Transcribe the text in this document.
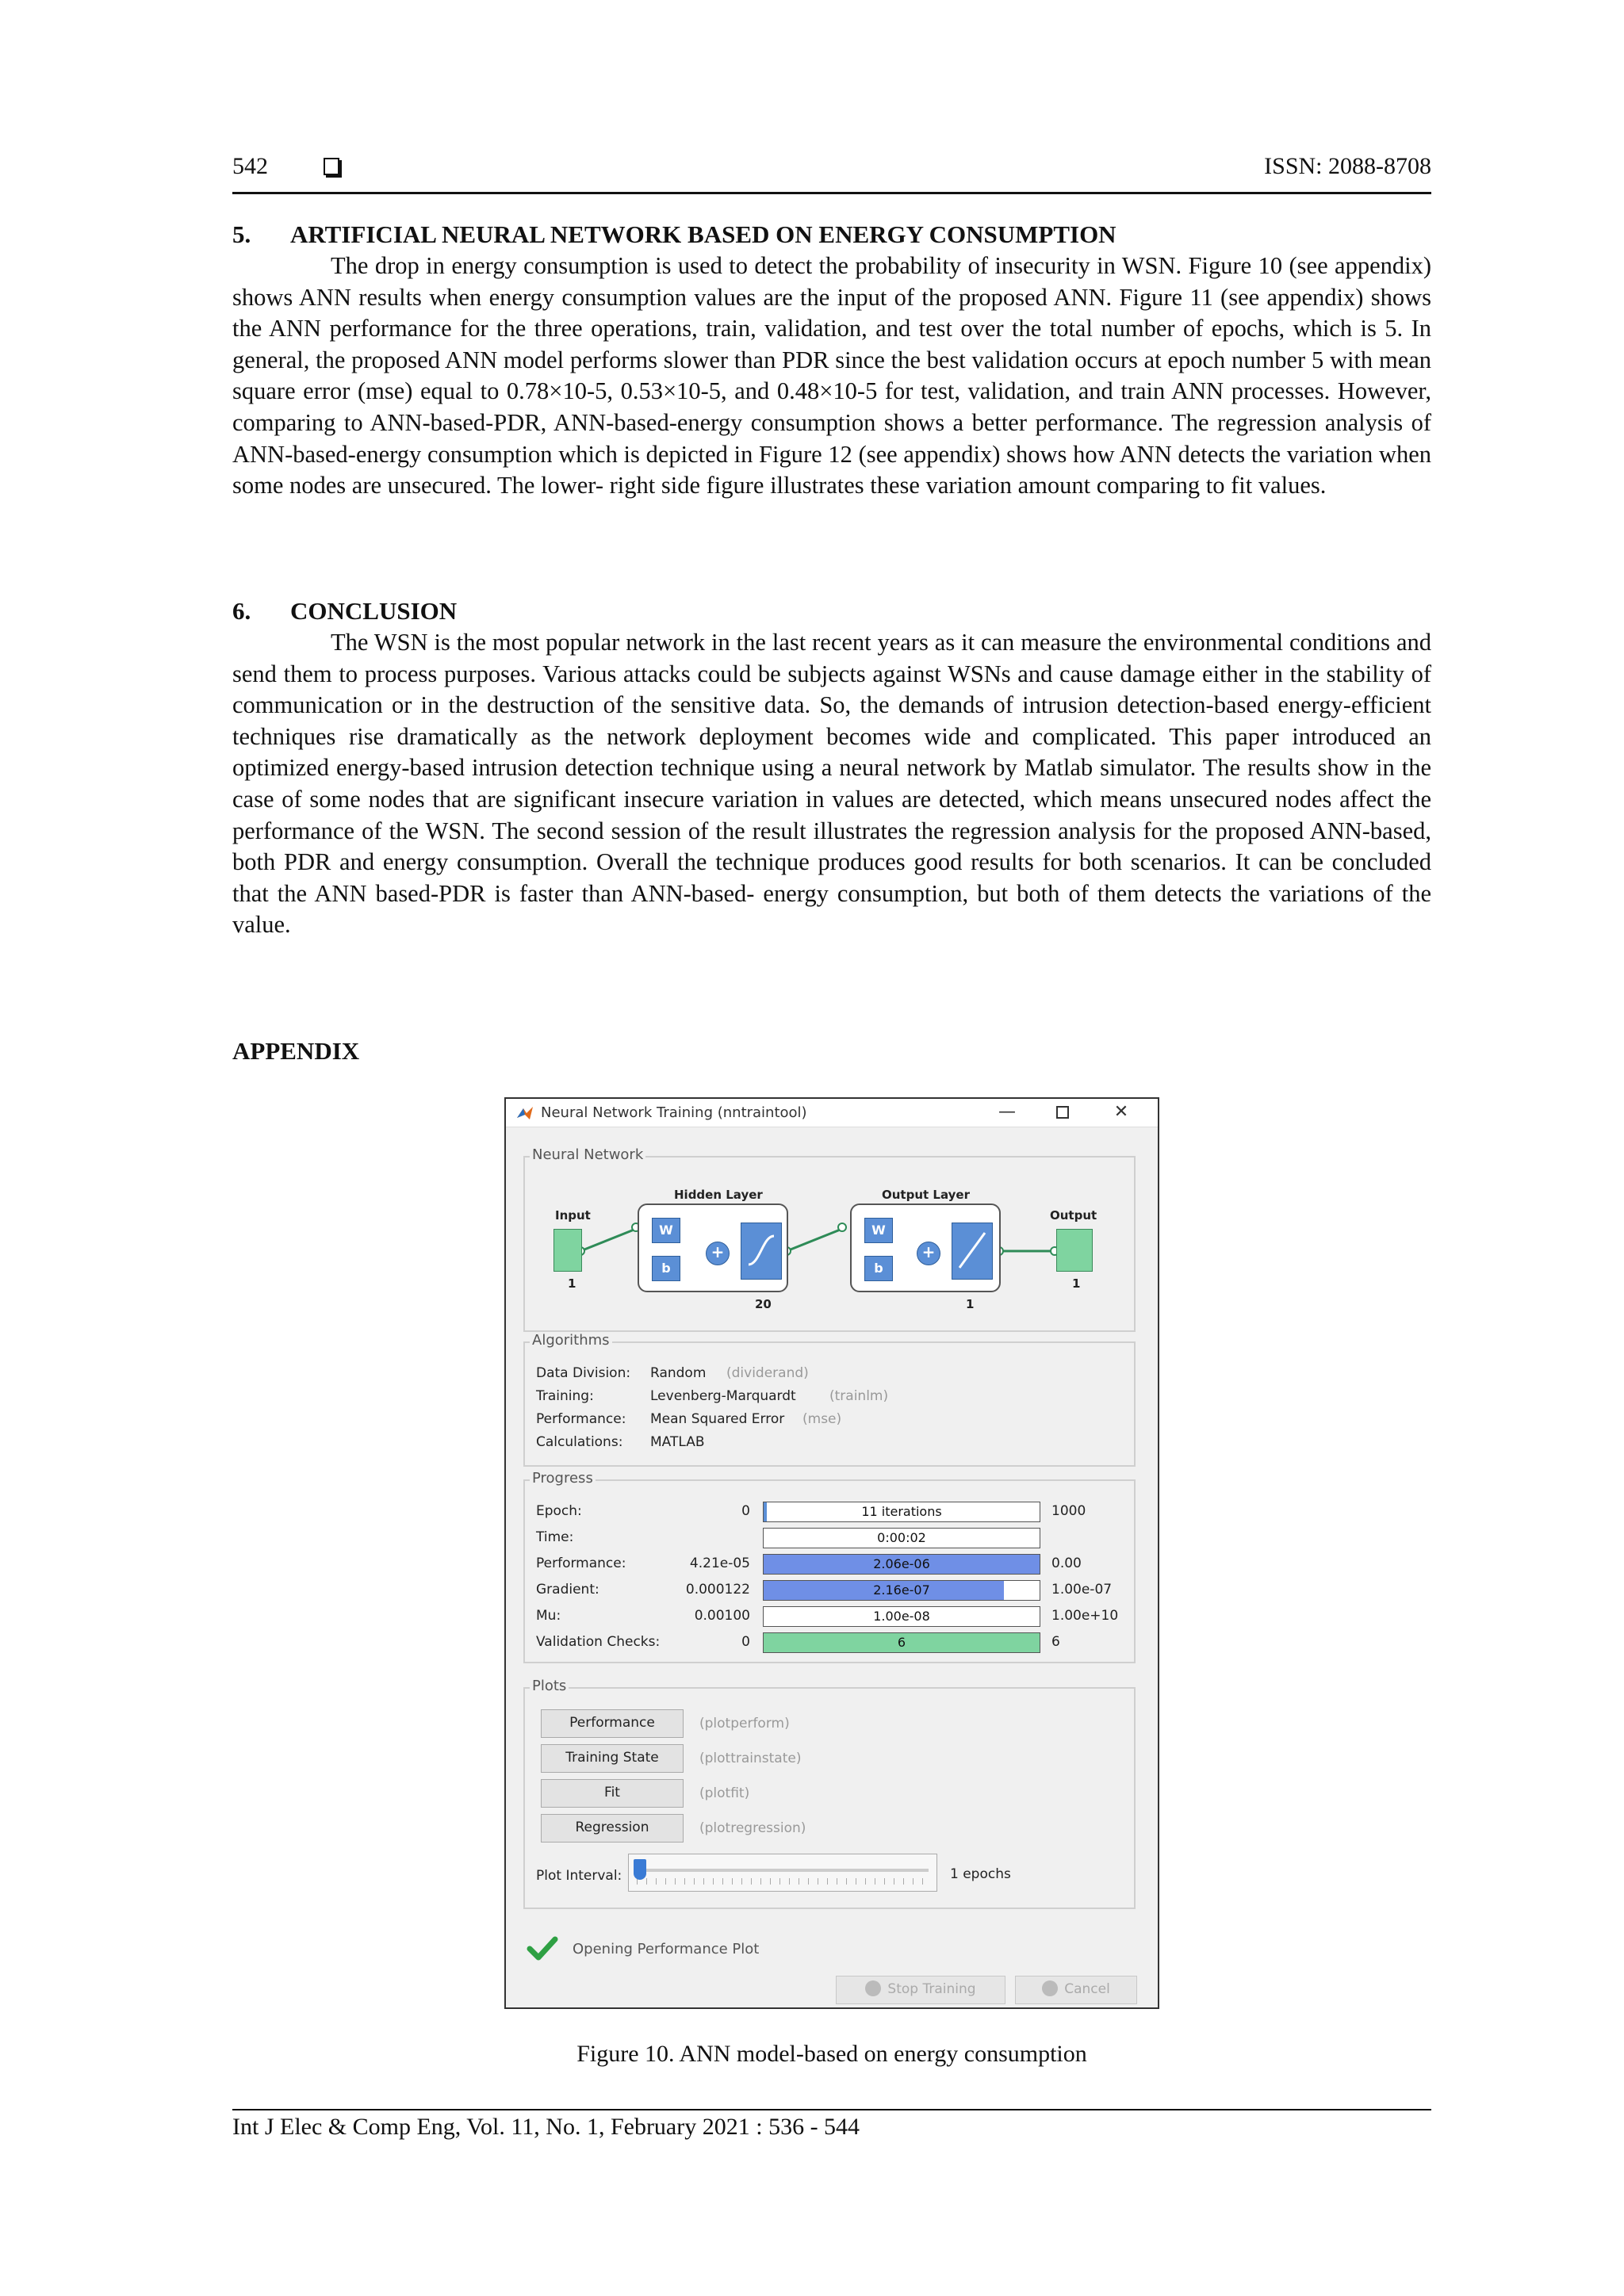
542	ISSN: 2088-8708
5. ARTIFICIAL NEURAL NETWORK BASED ON ENERGY CONSUMPTION
The drop in energy consumption is used to detect the probability of insecurity in WSN. Figure 10 (see appendix) shows ANN results when energy consumption values are the input of the proposed ANN. Figure 11 (see appendix) shows the ANN performance for the three operations, train, validation, and test over the total number of epochs, which is 5. In general, the proposed ANN model performs slower than PDR since the best validation occurs at epoch number 5 with mean square error (mse) equal to 0.78×10-5, 0.53×10-5, and 0.48×10-5 for test, validation, and train ANN processes. However, comparing to ANN-based-PDR, ANN-based-energy consumption shows a better performance. The regression analysis of ANN-based-energy consumption which is depicted in Figure 12 (see appendix) shows how ANN detects the variation when some nodes are unsecured. The lower- right side figure illustrates these variation amount comparing to fit values.
6. CONCLUSION
The WSN is the most popular network in the last recent years as it can measure the environmental conditions and send them to process purposes. Various attacks could be subjects against WSNs and cause damage either in the stability of communication or in the destruction of the sensitive data. So, the demands of intrusion detection-based energy-efficient techniques rise dramatically as the network deployment becomes wide and complicated. This paper introduced an optimized energy-based intrusion detection technique using a neural network by Matlab simulator. The results show in the case of some nodes that are significant insecure variation in values are detected, which means unsecured nodes affect the performance of the WSN. The second session of the result illustrates the regression analysis for the proposed ANN-based, both PDR and energy consumption. Overall the technique produces good results for both scenarios. It can be concluded that the ANN based-PDR is faster than ANN-based- energy consumption, but both of them detects the variations of the value.
APPENDIX
Neural Network Training (nntraintool)	—	✕
Neural Network
Input
1
Hidden Layer
W
b
+
20
Output Layer
W
b
+
1
Output
1
Algorithms
Data Division: Random (dividerand)
Training:	Levenberg-Marquardt (trainlm)
Performance: Mean Squared Error (mse)
Calculations: MATLAB
Progress
Epoch:	0	11 iterations	1000
Time:	0:00:02
Performance:	4.21e-05	2.06e-06	0.00
Gradient:	0.000122	2.16e-07	1.00e-07
Mu:	0.00100	1.00e-08	1.00e+10
Validation Checks:	0	6	6
Plots
Performance	(plotperform)
Training State	(plottrainstate)
Fit	(plotfit)
Regression	(plotregression)
Plot Interval:	1 epochs
Opening Performance Plot
Stop Training	Cancel
Figure 10. ANN model-based on energy consumption
Int J Elec & Comp Eng, Vol. 11, No. 1, February 2021 : 536 - 544
